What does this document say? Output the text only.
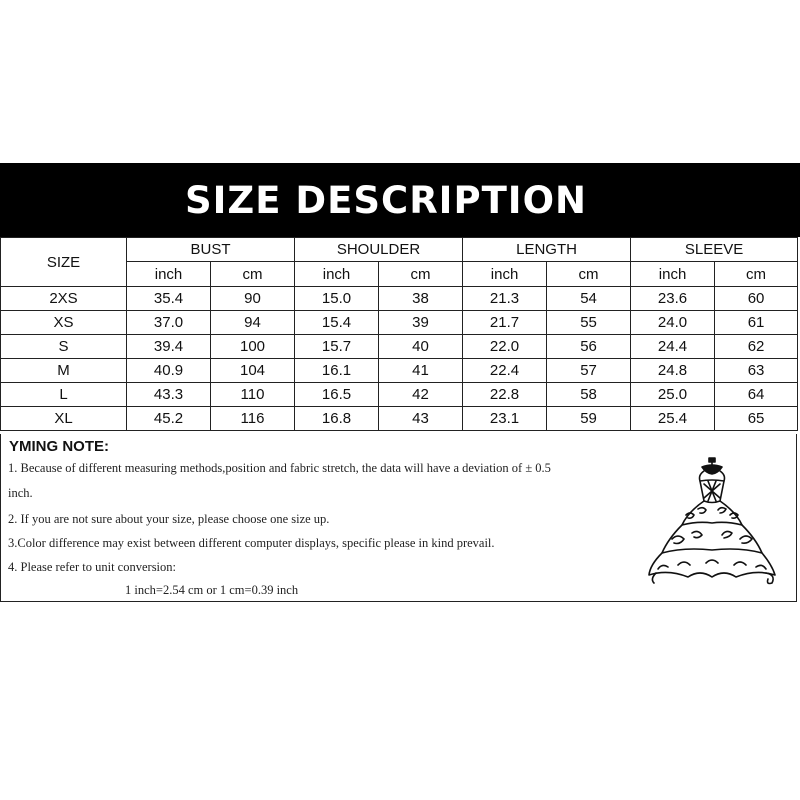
SIZE DESCRIPTION
SIZE	BUST		SHOULDER		LENGTH		SLEEVE	
	inch	cm	inch	cm	inch	cm	inch	cm
2XS	35.4	90	15.0	38	21.3	54	23.6	60
XS	37.0	94	15.4	39	21.7	55	24.0	61
S	39.4	100	15.7	40	22.0	56	24.4	62
M	40.9	104	16.1	41	22.4	57	24.8	63
L	43.3	110	16.5	42	22.8	58	25.0	64
XL	45.2	116	16.8	43	23.1	59	25.4	65
YMING NOTE:
1. Because of different measuring methods,position and fabric stretch, the data will have a deviation of ± 0.5
inch.
2. If you are not sure about your size, please choose one size up.
3.Color difference may exist between different computer displays, specific please in kind prevail.
4. Please refer to unit conversion:
1 inch=2.54 cm or 1 cm=0.39 inch
